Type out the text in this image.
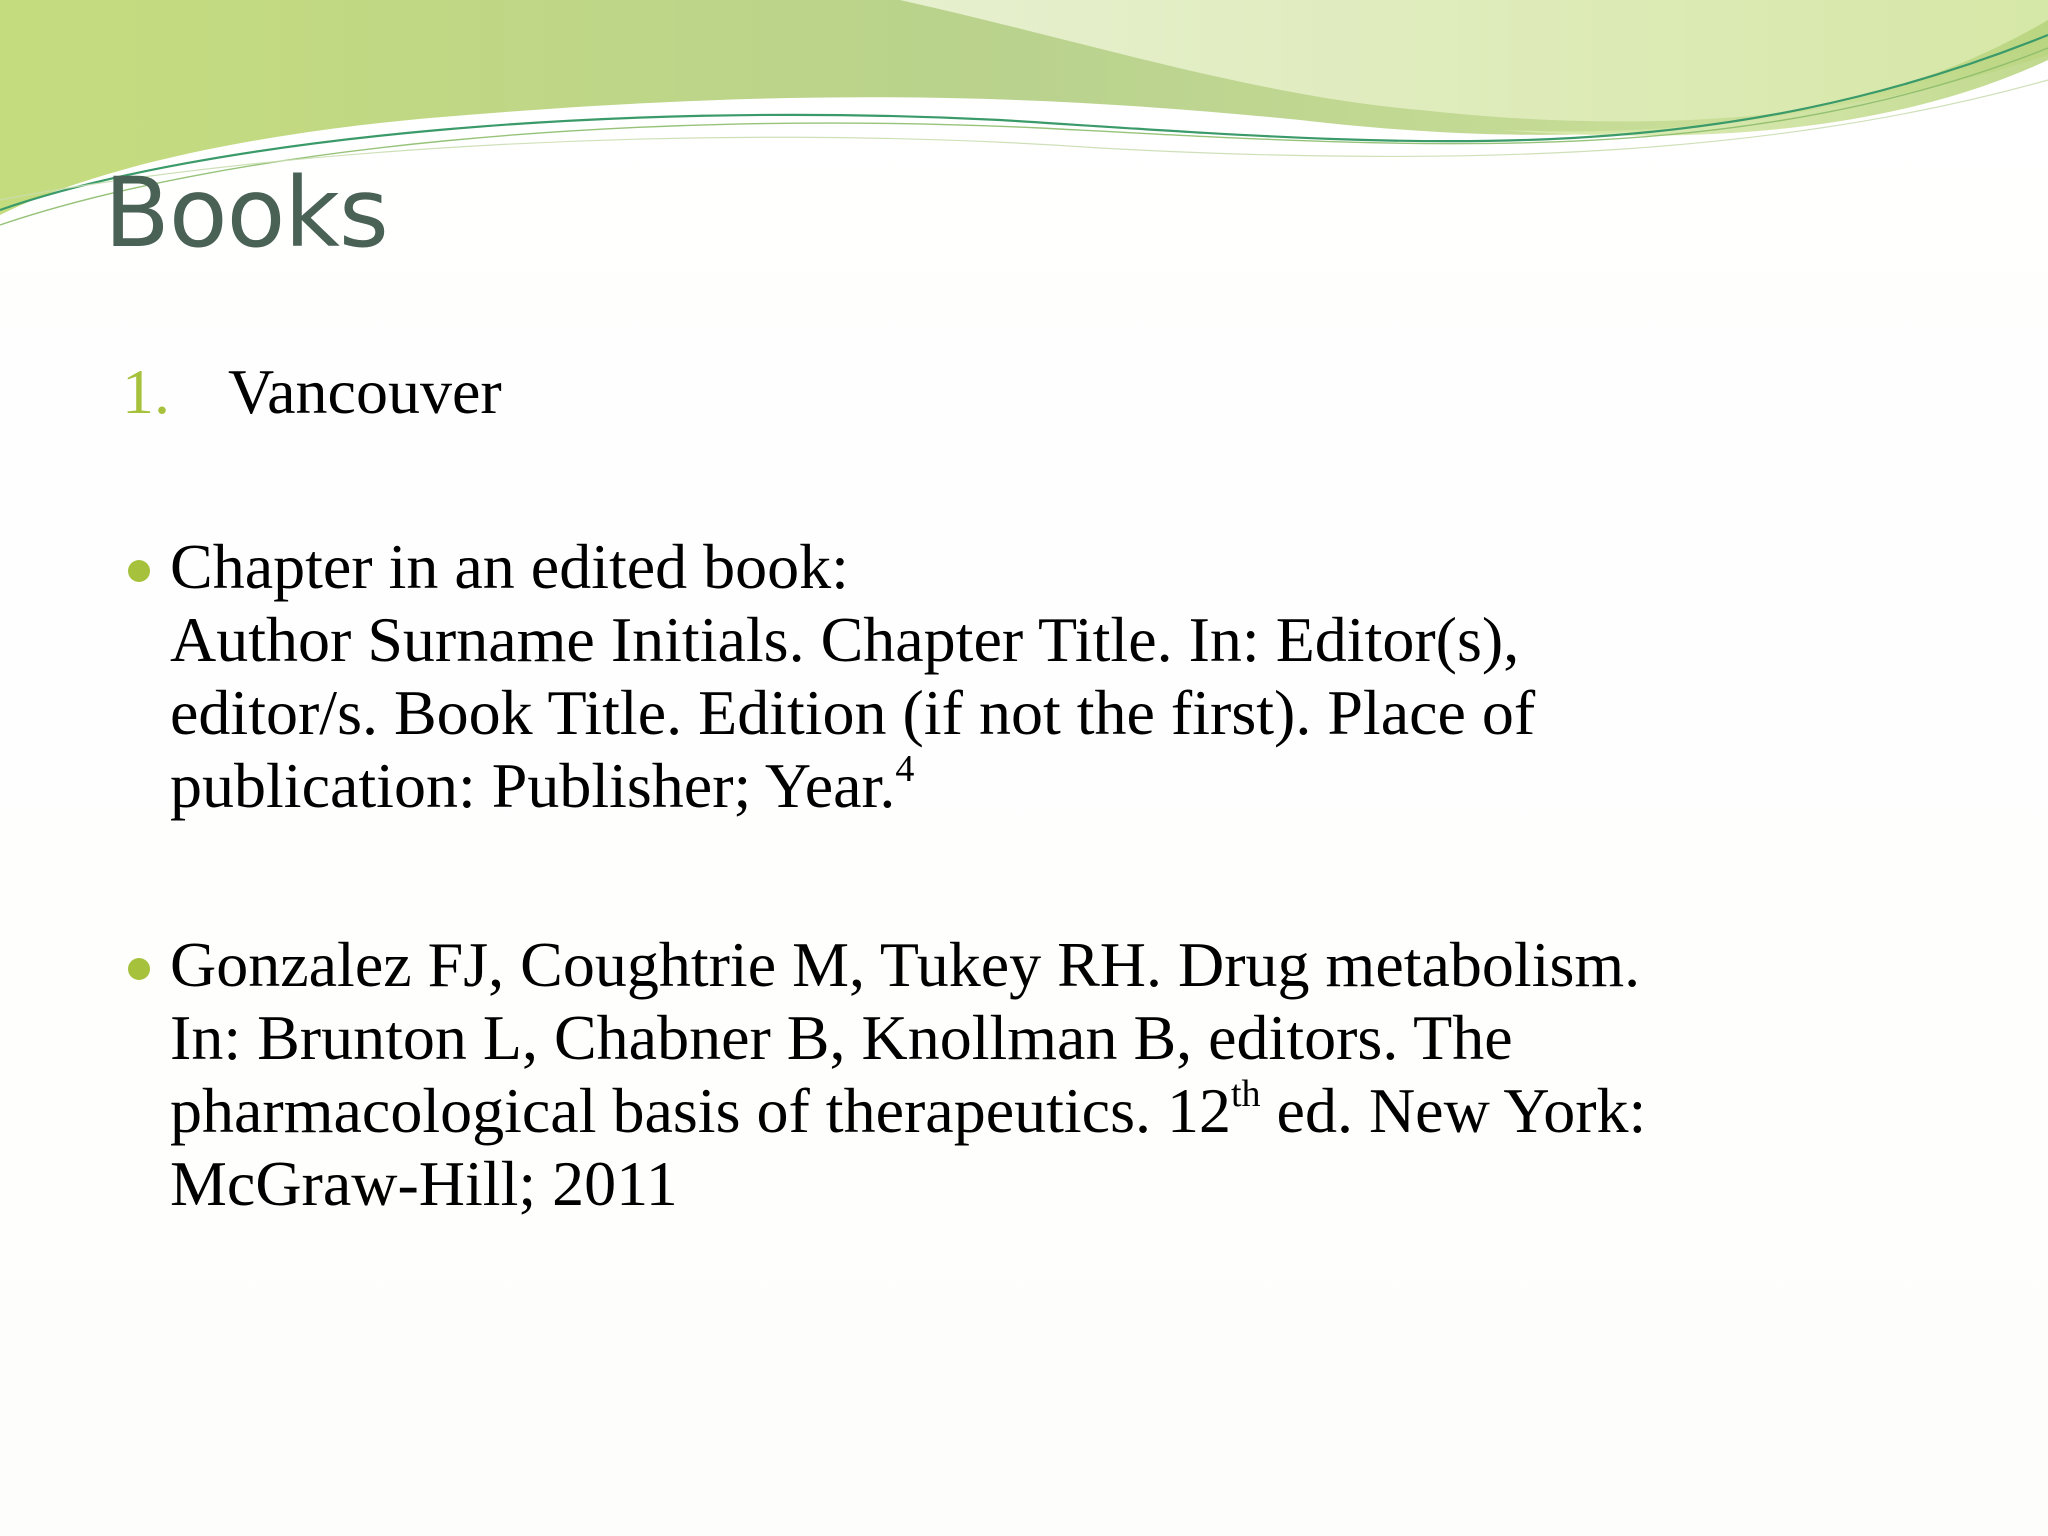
Books
1. Vancouver
Chapter in an edited book:
Author Surname Initials. Chapter Title. In: Editor(s),
editor/s. Book Title. Edition (if not the first). Place of
publication: Publisher; Year.$^4$
Gonzalez FJ, Coughtrie M, Tukey RH. Drug metabolism.
In: Brunton L, Chabner B, Knollman B, editors. The
pharmacological basis of therapeutics. 12th ed. New York:
McGraw-Hill; 2011
